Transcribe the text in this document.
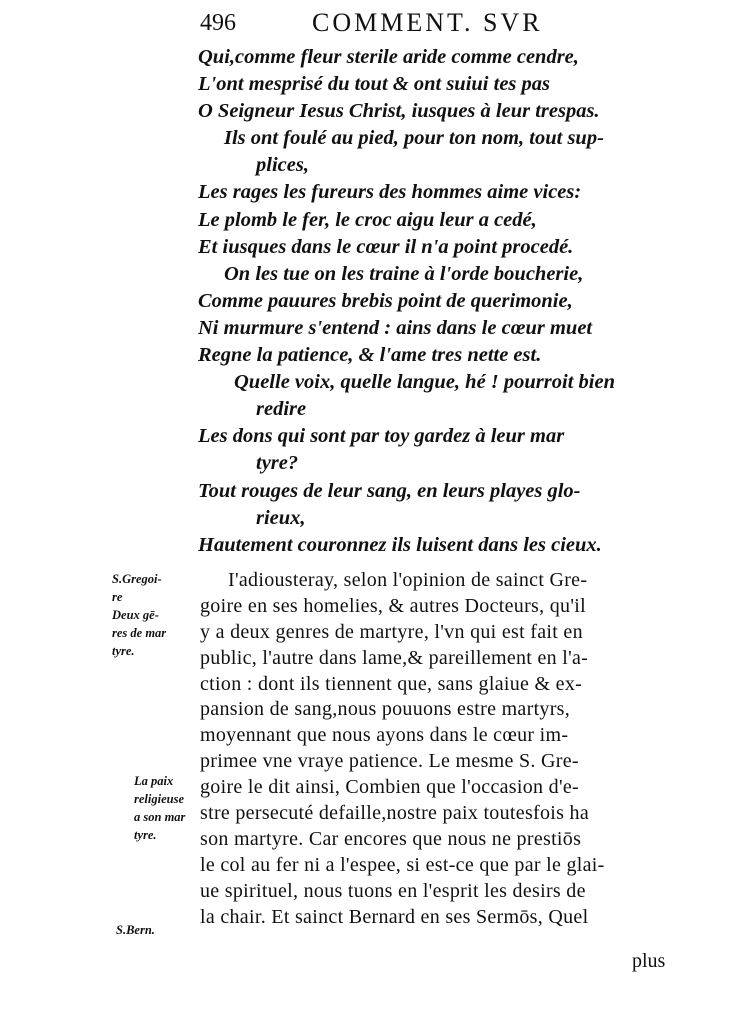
496	COMMENT. SVR
Qui,comme fleur sterile aride comme cendre,
L'ont mesprisé du tout & ont suiui tes pas
O Seigneur Iesus Christ, iusques à leur trespas.
Ils ont foulé au pied, pour ton nom, tout sup-
plices,
Les rages les fureurs des hommes aime vices:
Le plomb le fer, le croc aigu leur a cedé,
Et iusques dans le cœur il n'a point procedé.
On les tue on les traine à l'orde boucherie,
Comme pauures brebis point de querimonie,
Ni murmure s'entend : ains dans le cœur muet
Regne la patience, & l'ame tres nette est.
Quelle voix, quelle langue, hé ! pourroit bien
redire
Les dons qui sont par toy gardez à leur mar
tyre?
Tout rouges de leur sang, en leurs playes glo-
rieux,
Hautement couronnez ils luisent dans les cieux.
I'adiousteray, selon l'opinion de sainct Gre-
goire en ses homelies, & autres Docteurs, qu'il
y a deux genres de martyre, l'vn qui est fait en
public, l'autre dans lame,& pareillement en l'a-
ction : dont ils tiennent que, sans glaiue & ex-
pansion de sang,nous pouuons estre martyrs,
moyennant que nous ayons dans le cœur im-
primee vne vraye patience. Le mesme S. Gre-
goire le dit ainsi, Combien que l'occasion d'e-
stre persecuté defaille,nostre paix toutesfois ha
son martyre. Car encores que nous ne prestiōs
le col au fer ni a l'espee, si est-ce que par le glai-
ue spirituel, nous tuons en l'esprit les desirs de
la chair. Et sainct Bernard en ses Sermōs, Quel
plus
S.Gregoi-
re
Deux gē-
res de mar
tyre.
La paix
religieuse
a son mar
tyre.
S.Bern.
